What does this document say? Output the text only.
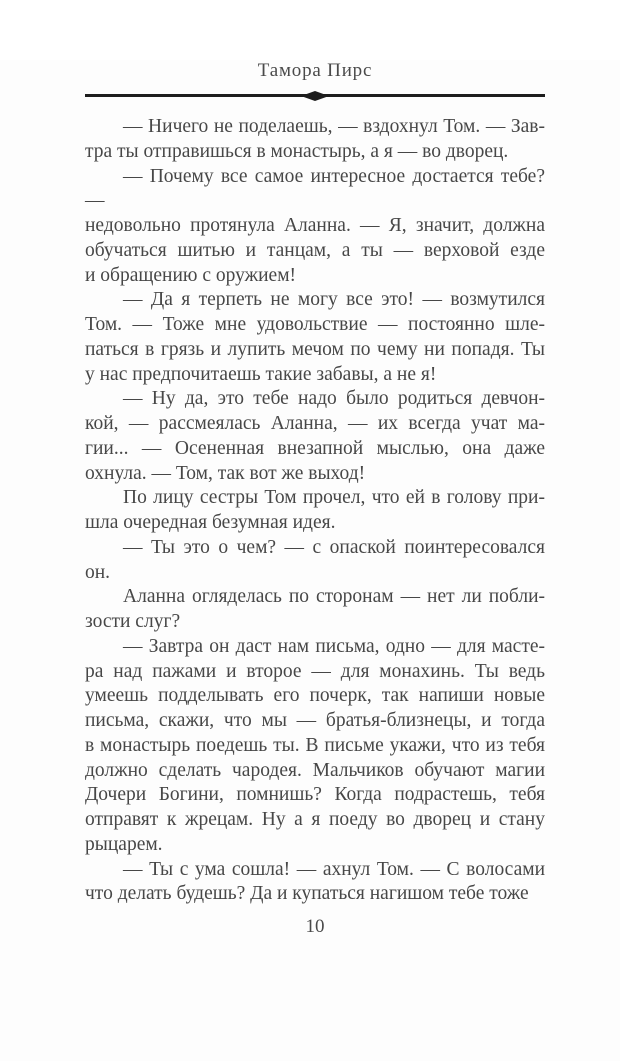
Тамора Пирс
— Ничего не поделаешь, — вздохнул Том. — Зав-
тра ты отправишься в монастырь, а я — во дворец.
— Почему все самое интересное достается тебе? —
недовольно протянула Аланна. — Я, значит, должна
обучаться шитью и танцам, а ты — верховой езде
и обращению с оружием!
— Да я терпеть не могу все это! — возмутился
Том. — Тоже мне удовольствие — постоянно шле-
паться в грязь и лупить мечом по чему ни попадя. Ты
у нас предпочитаешь такие забавы, а не я!
— Ну да, это тебе надо было родиться девчон-
кой, — рассмеялась Аланна, — их всегда учат ма-
гии... — Осененная внезапной мыслью, она даже
охнула. — Том, так вот же выход!
По лицу сестры Том прочел, что ей в голову при-
шла очередная безумная идея.
— Ты это о чем? — с опаской поинтересовался
он.
Аланна огляделась по сторонам — нет ли побли-
зости слуг?
— Завтра он даст нам письма, одно — для масте-
ра над пажами и второе — для монахинь. Ты ведь
умеешь подделывать его почерк, так напиши новые
письма, скажи, что мы — братья-близнецы, и тогда
в монастырь поедешь ты. В письме укажи, что из тебя
должно сделать чародея. Мальчиков обучают магии
Дочери Богини, помнишь? Когда подрастешь, тебя
отправят к жрецам. Ну а я поеду во дворец и стану
рыцарем.
— Ты с ума сошла! — ахнул Том. — С волосами
что делать будешь? Да и купаться нагишом тебе тоже
10
